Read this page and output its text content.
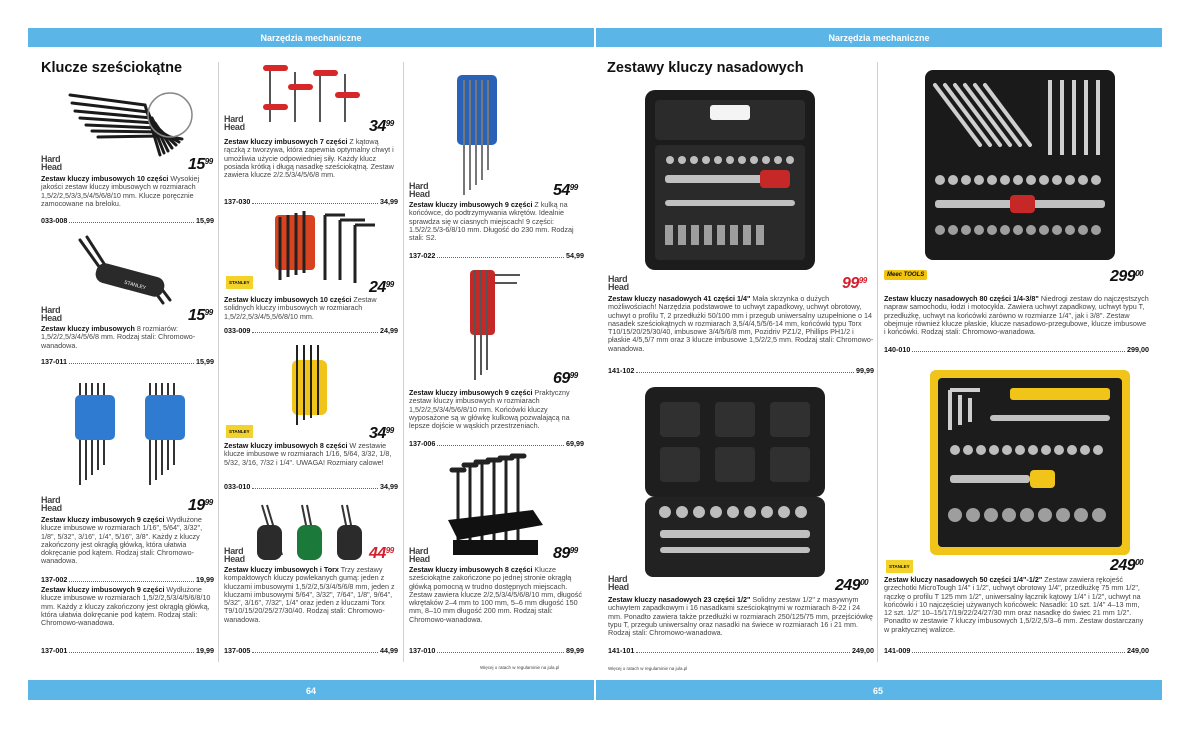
Narzędzia mechaniczne	Narzędzia mechaniczne
Klucze sześciokątne	Zestawy kluczy nasadowych
Hard
Head	$15^{99}$
Zestaw kluczy imbusowych 10 części Wysokiej jakości zestaw kluczy imbusowych w rozmiarach 1,5/2/2,5/3/3,5/4/5/6/8/10 mm. Klucze poręcznie zamocowane na breloku.
033-008	15,99
STANLEY
Hard
Head	$15^{99}$
Zestaw kluczy imbusowych 8 rozmiarów: 1,5/2/2,5/3/4/5/6/8 mm. Rodzaj stali: Chromowo-wanadowa.
137-011	15,99
Hard
Head	$19^{99}$
Zestaw kluczy imbusowych 9 części Wydłużone klucze imbusowe w rozmiarach 1/16", 5/64", 3/32", 1/8", 5/32", 3/16", 1/4", 5/16", 3/8". Każdy z kluczy zakończony jest okrągłą główką, która ułatwia dokręcanie pod kątem. Rodzaj stali: Chromowo-wanadowa.
137-002	19,99
Zestaw kluczy imbusowych 9 części Wydłużone klucze imbusowe w rozmiarach 1,5/2/2,5/3/4/5/6/8/10 mm. Każdy z kluczy zakończony jest okrągłą główką, która ułatwia dokręcanie pod kątem. Rodzaj stali: Chromowo-wanadowa.
137-001	19,99
Hard
Head	$34^{99}$
Zestaw kluczy imbusowych 7 części Z kątową rączką z tworzywa, która zapewnia optymalny chwyt i umożliwia użycie odpowiedniej siły. Każdy klucz posiada krótką i długą nasadkę sześciokątną. Zestaw zawiera klucze 2/2.5/3/4/5/6/8 mm.
137-030	34,99
STANLEY	$24^{99}$
Zestaw kluczy imbusowych 10 części Zestaw solidnych kluczy imbusowych w rozmiarach 1,5/2/2,5/3/4/5,5/6/8/10 mm.
033-009	24,99
STANLEY	$34^{99}$
Zestaw kluczy imbusowych 8 części W zestawie klucze imbusowe w rozmiarach 1/16, 5/64, 3/32, 1/8, 5/32, 3/16, 7/32 i 1/4". UWAGA! Rozmiary calowe!
033-010	34,99
Hard
Head	$44^{99}$
Zestaw kluczy imbusowych i Torx Trzy zestawy kompaktowych kluczy powlekanych gumą: jeden z kluczami imbusowymi 1,5/2/2,5/3/4/5/6/8 mm, jeden z kluczami imbusowymi 5/64", 3/32", 7/64", 1/8", 9/64", 5/32", 3/16", 7/32", 1/4" oraz jeden z kluczami Torx T9/10/15/20/25/27/30/40. Rodzaj stali: Chromowo-wanadowa.
137-005	44,99
Hard
Head	$54^{99}$
Zestaw kluczy imbusowych 9 części Z kulką na końcówce, do podtrzymywania wkrętów. Idealnie sprawdza się w ciasnych miejscach! 9 części: 1.5/2/2.5/3-6/8/10 mm. Długość do 230 mm. Rodzaj stali: S2.
137-022	54,99
$69^{99}$
Zestaw kluczy imbusowych 9 części Praktyczny zestaw kluczy imbusowych w rozmiarach 1,5/2/2,5/3/4/5/6/8/10 mm. Końcówki kluczy wyposażone są w główkę kulkową pozwalającą na lepsze dojście w wąskich przestrzeniach.
137-006	69,99
Hard
Head	$89^{99}$
Zestaw kluczy imbusowych 8 części Klucze sześciokątne zakończone po jednej stronie okrągłą główką pomocną w trudno dostępnych miejscach. Zestaw zawiera klucze 2/2,5/3/4/5/6/8/10 mm, długość wkrętaków 2–4 mm to 100 mm, 5–6 mm długość 150 mm, 8–10 mm długość 200 mm. Rodzaj stali: Chromowo-wanadowa.
137-010	89,99
Więcej o ratach w regulaminie na jula.pl
Hard
Head	$99^{99}$
Zestaw kluczy nasadowych 41 części 1/4" Mała skrzynka o dużych możliwościach! Narzędzia podstawowe to uchwyt zapadkowy, uchwyt obrotowy, uchwyt o profilu T, 2 przedłużki 50/100 mm i przegub uniwersalny uzupełnione o 14 nasadek sześciokątnych w rozmiarach 3,5/4/4,5/5/6-14 mm, końcówki typu Torx T10/15/20/25/30/40, imbusowe 3/4/5/6/8 mm, Pozidriv PZ1/2, Phillips PH1/2 i płaskie 4/5,5/7 mm oraz 3 klucze imbusowe 1,5/2/2,5 mm. Rodzaj stali: Chromowo-wanadowa.
141-102	99,99
Hard
Head	$249^{00}$
Zestaw kluczy nasadowych 23 części 1/2" Solidny zestaw 1/2" z masywnym uchwytem zapadkowym i 16 nasadkami sześciokątnymi w rozmiarach 8-22 i 24 mm. Ponadto zawiera także przedłużki w rozmiarach 250/125/75 mm, przejściówkę typu T, przegub uniwersalny oraz nasadki na świece w rozmiarach 16 i 21 mm. Rodzaj stali: Chromowo-wanadowa.
141-101	249,00
Więcej o ratach w regulaminie na jula.pl
Meec TOOLS	$299^{00}$
Zestaw kluczy nasadowych 80 części 1/4-3/8" Niedrogi zestaw do najczęstszych napraw samochodu, łodzi i motocykla. Zawiera uchwyt zapadkowy, uchwyt typu T, przedłużkę, uchwyt na końcówki zarówno w rozmiarze 1/4", jak i 3/8". Zestaw obejmuje również klucze płaskie, klucze nasadowo-przegubowe, klucze imbusowe i końcówki. Rodzaj stali: Chromowo-wanadowa.
140-010	299,00
STANLEY	$249^{00}$
Zestaw kluczy nasadowych 50 części 1/4"-1/2" Zestaw zawiera rękojeść grzechotki MicroTough 1/4" i 1/2", uchwyt obrotowy 1/4", przedłużkę 75 mm 1/2", rączkę o profilu T 125 mm 1/2", uniwersalny łącznik kątowy 1/4" i 1/2", uchwyt na końcówki i 10 najczęściej używanych końcówek: Nasadki: 10 szt. 1/4" 4–13 mm, 12 szt. 1/2" 10–15/17/19/22/24/27/30 mm oraz nasadkę do świec 21 mm 1/2". Ponadto w zestawie 7 kluczy imbusowych 1,5/2/2,5/3–6 mm. Zestaw dostarczany w praktycznej walizce.
141-009	249,00
64	65
